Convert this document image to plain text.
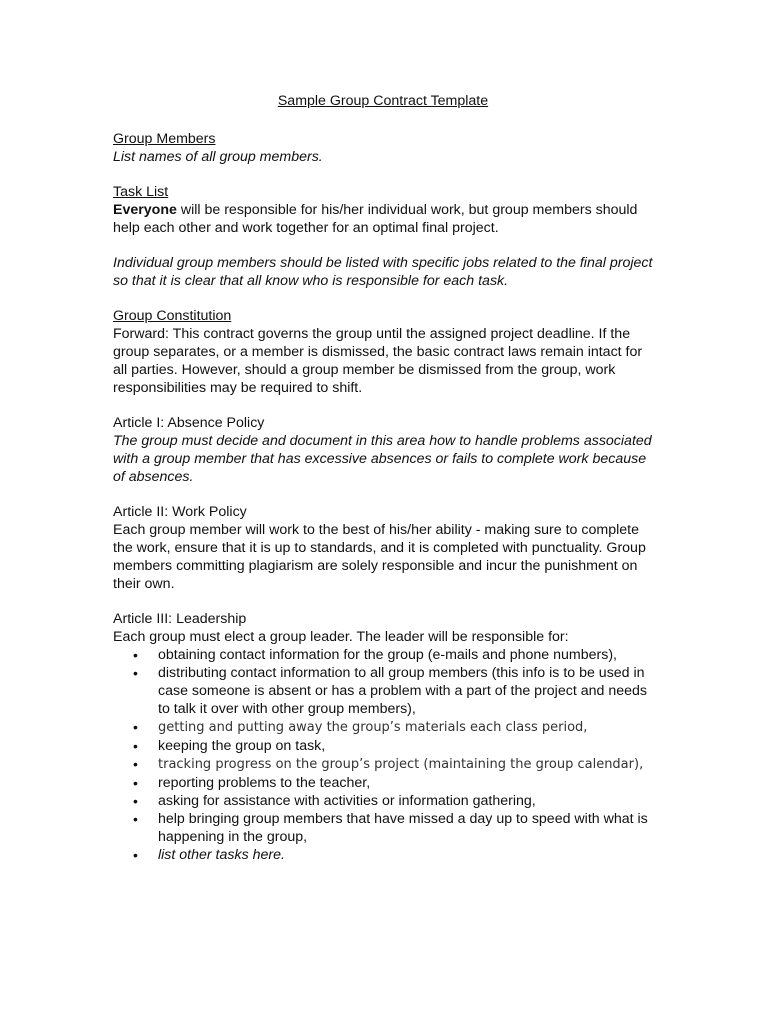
Sample Group Contract Template
Group Members

List names of all group members.

Task List

Everyone will be responsible for his/her individual work, but group members should help each other and work together for an optimal final project.

Individual group members should be listed with specific jobs related to the final project so that it is clear that all know who is responsible for each task.

Group Constitution

Forward: This contract governs the group until the assigned project deadline. If the group separates, or a member is dismissed, the basic contract laws remain intact for all parties. However, should a group member be dismissed from the group, work responsibilities may be required to shift.

Article I: Absence Policy

The group must decide and document in this area how to handle problems associated with a group member that has excessive absences or fails to complete work because of absences.

Article II: Work Policy

Each group member will work to the best of his/her ability - making sure to complete the work, ensure that it is up to standards, and it is completed with punctuality. Group members committing plagiarism are solely responsible and incur the punishment on their own.

Article III: Leadership

Each group must elect a group leader. The leader will be responsible for:

• obtaining contact information for the group (e-mails and phone numbers),
• distributing contact information to all group members (this info is to be used in case someone is absent or has a problem with a part of the project and needs to talk it over with other group members),
• getting and putting away the group’s materials each class period,
• keeping the group on task,
• tracking progress on the group’s project (maintaining the group calendar),
• reporting problems to the teacher,
• asking for assistance with activities or information gathering,
• help bringing group members that have missed a day up to speed with what is happening in the group,
• list other tasks here.
